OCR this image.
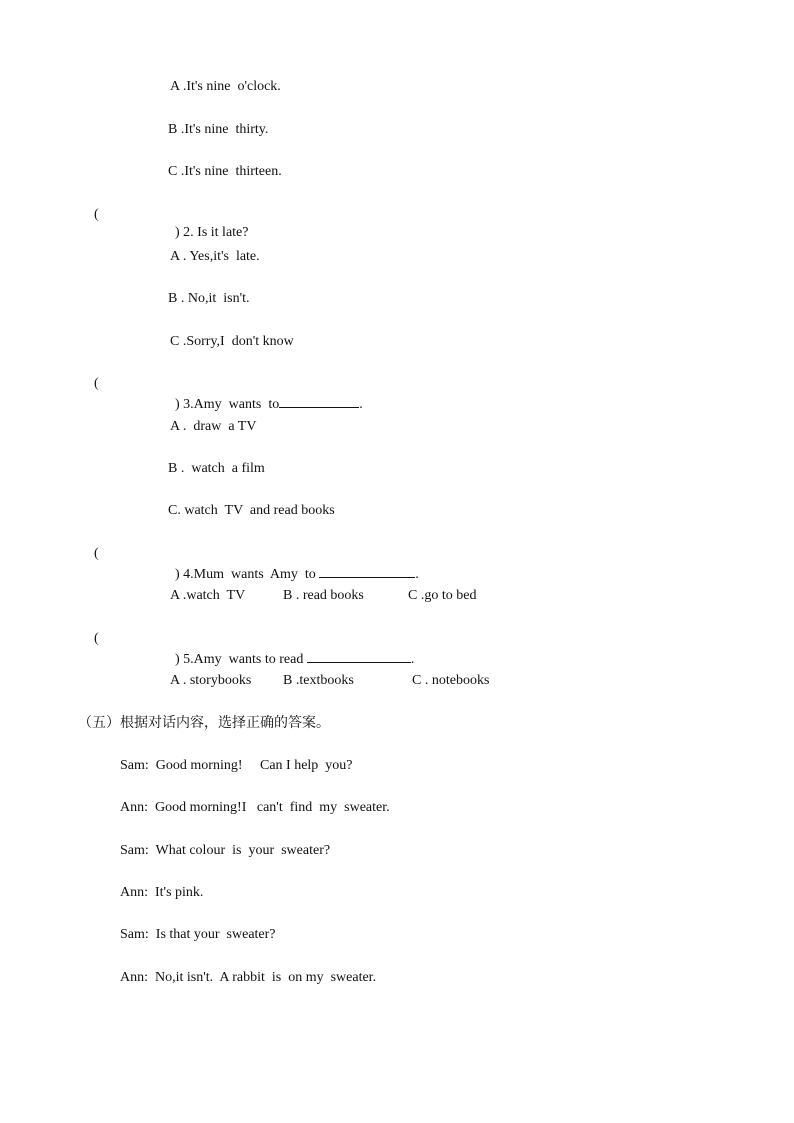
A .It's nine  o'clock.
B .It's nine  thirty.
C .It's nine  thirteen.
(

) 2. Is it late?

A . Yes,it's  late.
B . No,it  isn't.
C .Sorry,I  don't know
(

) 3.Amy  wants  to	.

A .  draw  a TV
B .  watch  a film
C. watch  TV  and read books
(

) 4.Mum  wants  Amy  to	.

A .watch  TV	B . read books	C .go to bed
(

) 5.Amy  wants to read	.

A . storybooks B .textbooks	C . notebooks
（五）根据对话内容，选择正确的答案。
Sam:  Good morning!     Can I help  you?
Ann:  Good morning!I   can't  find  my  sweater.
Sam:  What colour  is  your  sweater?
Ann:  It's pink.
Sam:  Is that your  sweater?
Ann:  No,it isn't.  A rabbit  is  on my  sweater.
